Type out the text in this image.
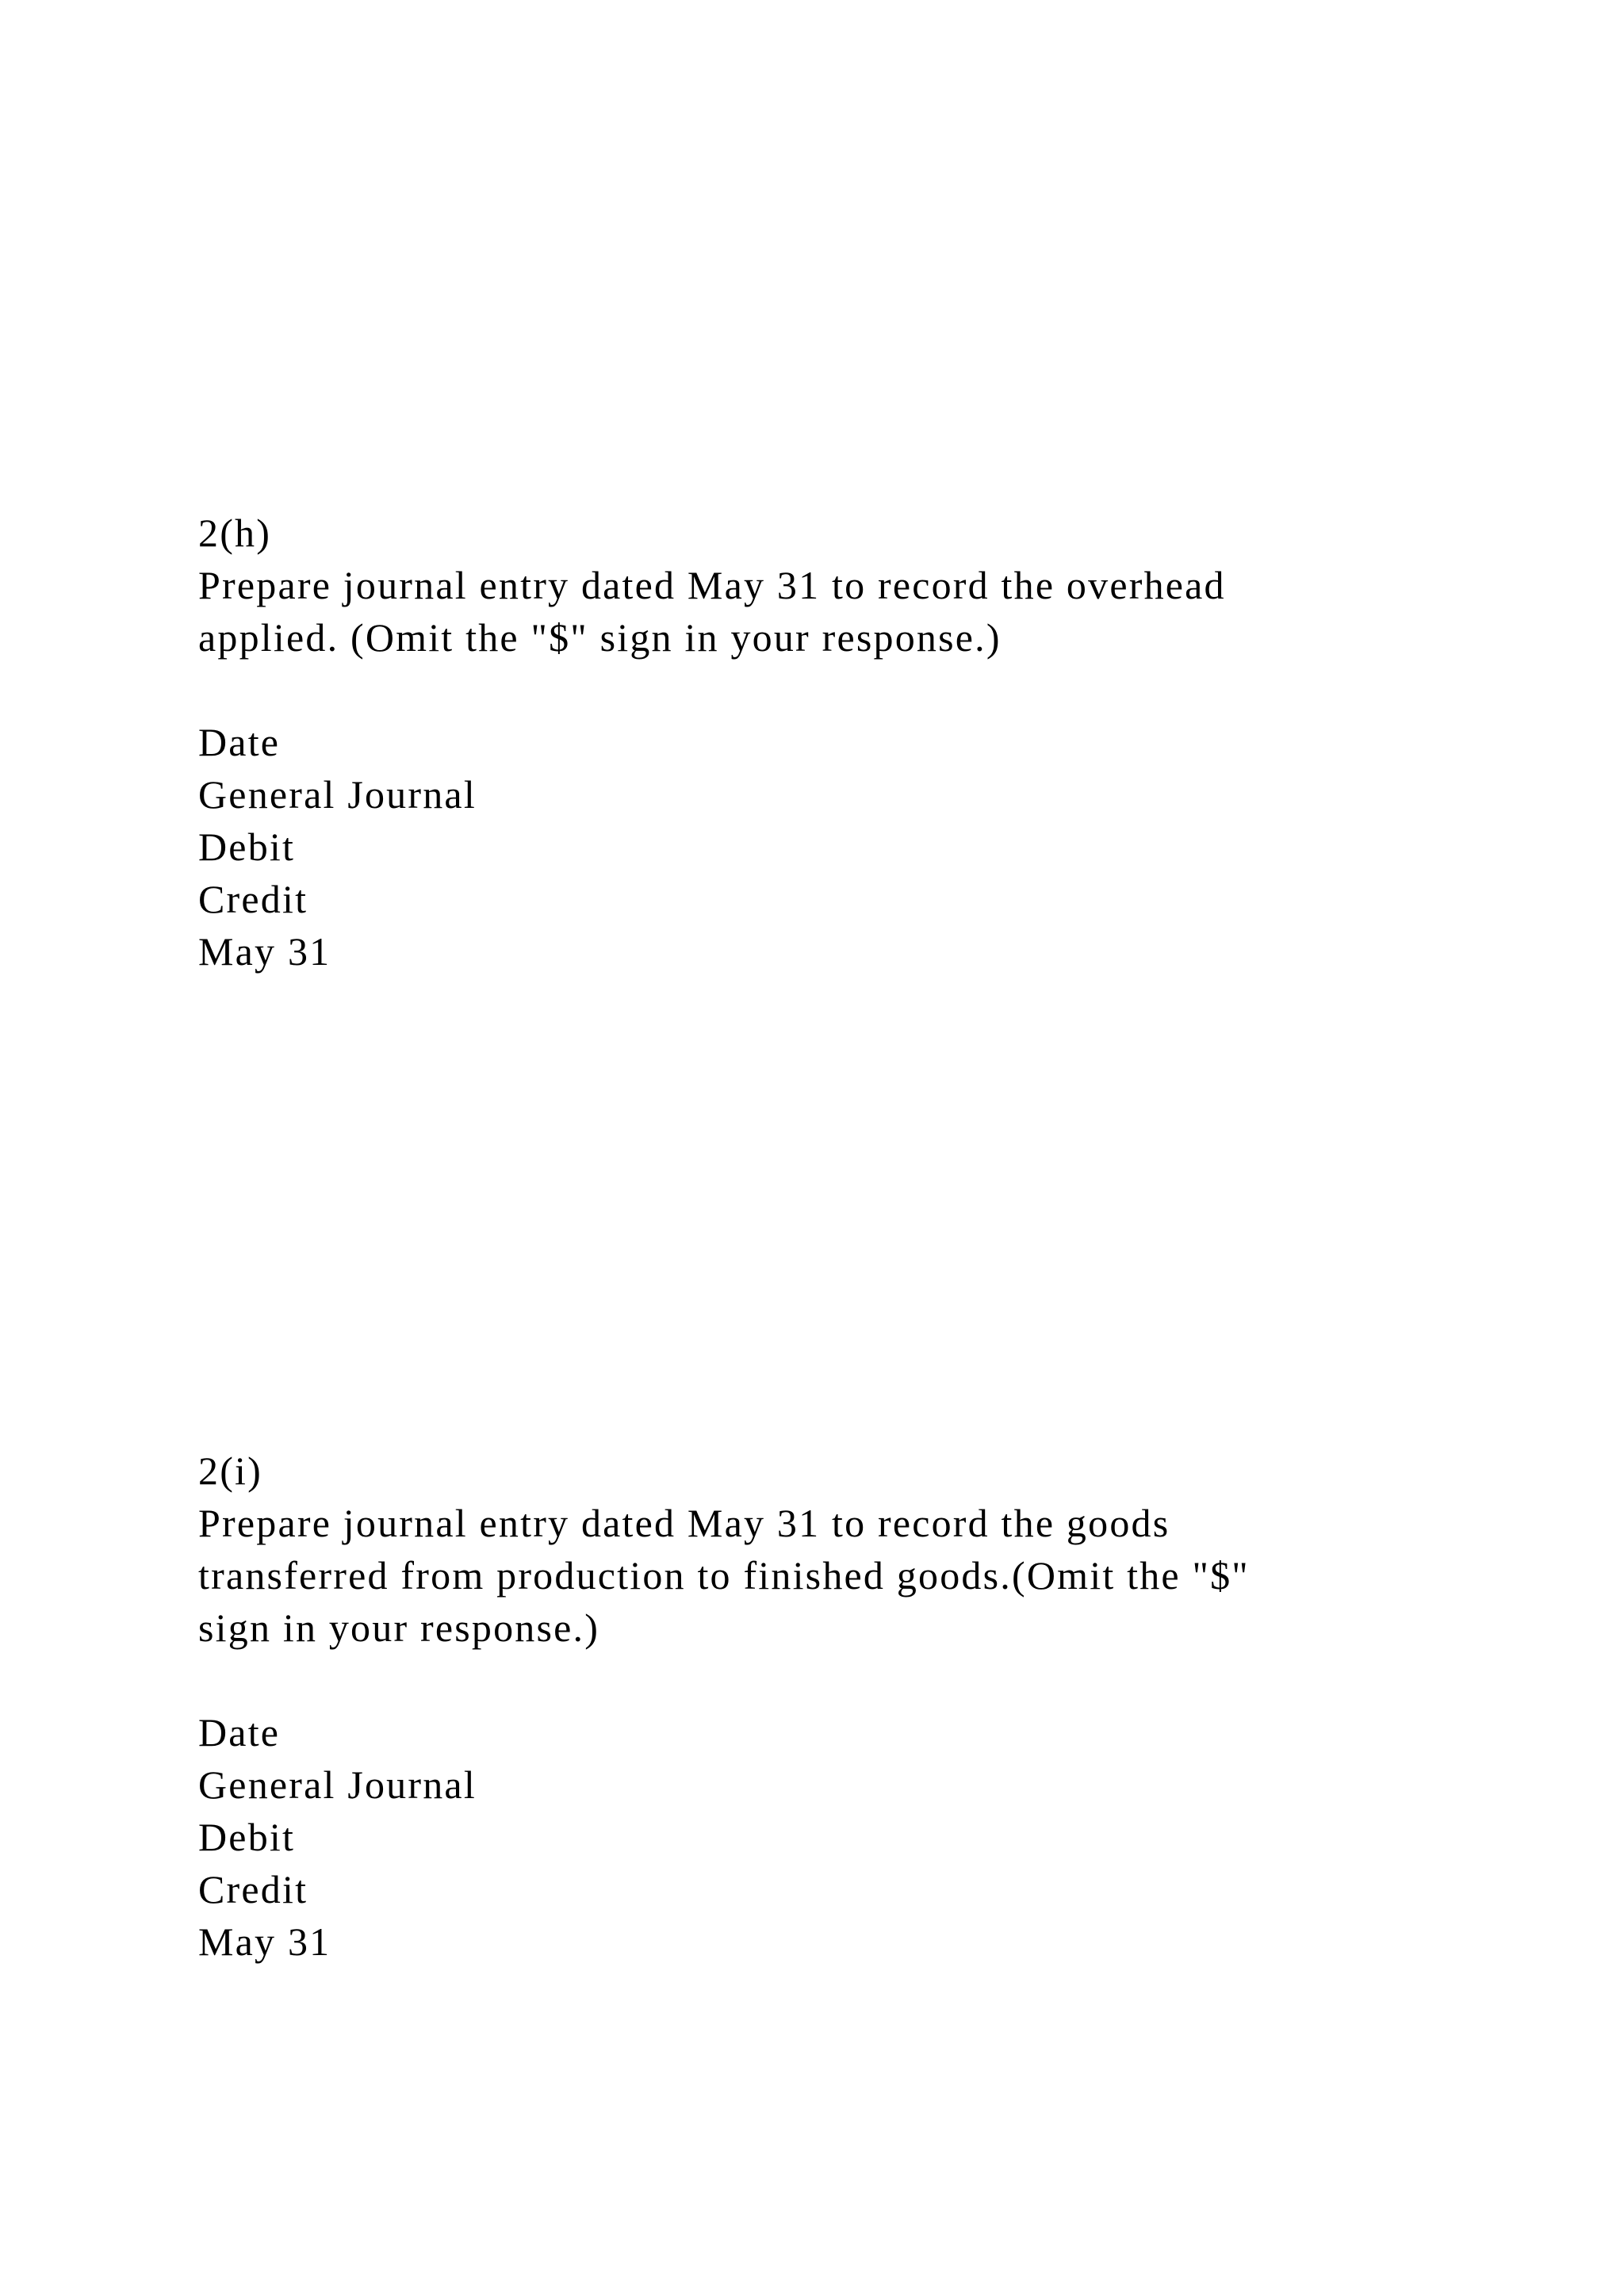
2(h)

Prepare journal entry dated May 31 to record the overhead

applied. (Omit the "$" sign in your response.)

Date

General Journal

Debit

Credit

May 31

2(i)

Prepare journal entry dated May 31 to record the goods

transferred from production to finished goods.(Omit the "$"

sign in your response.)

Date

General Journal

Debit

Credit

May 31
